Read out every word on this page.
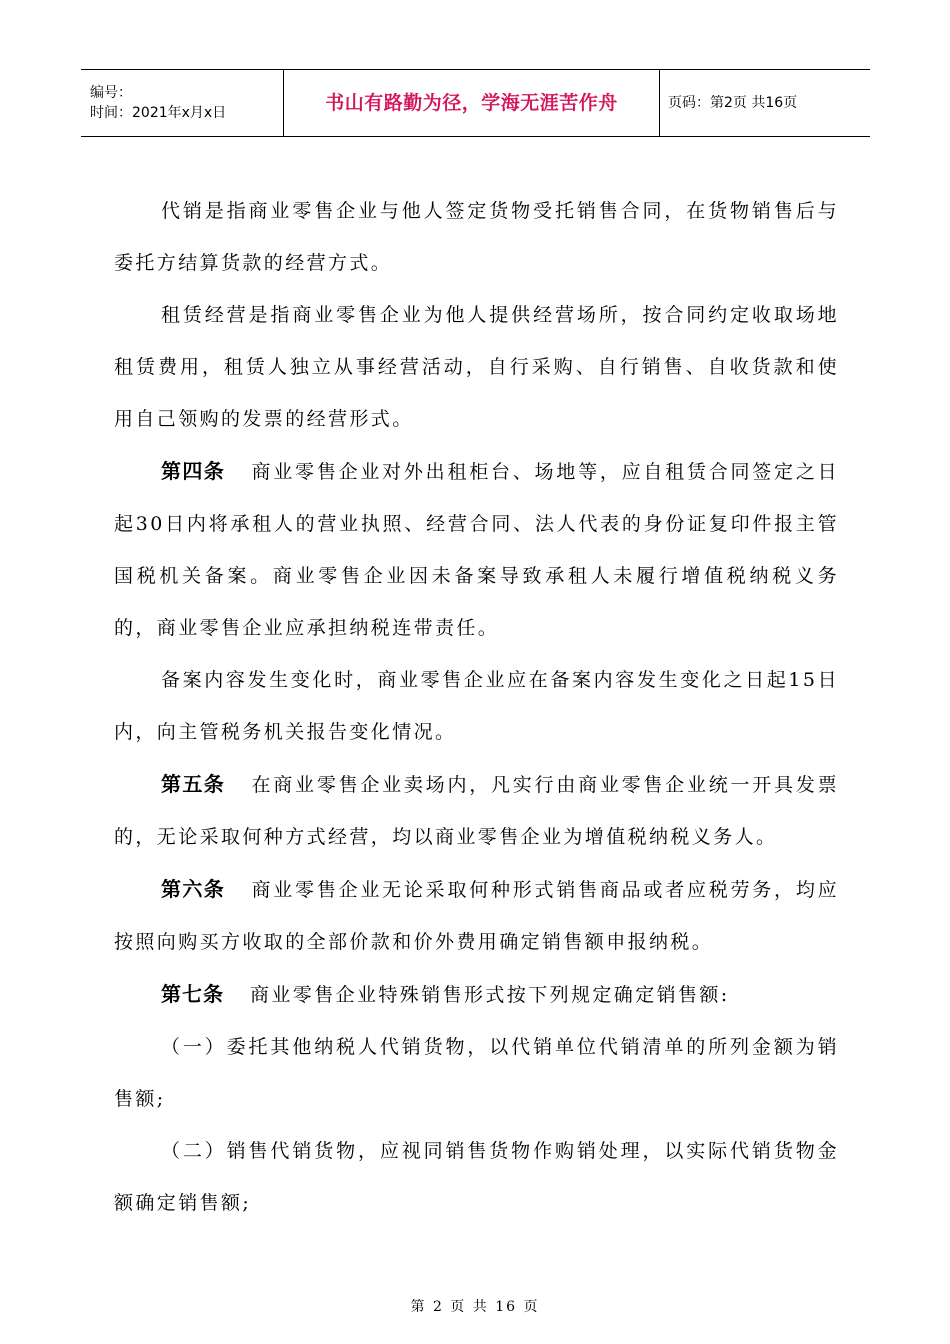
编号：
时间：2021年x月x日	书山有路勤为径，学海无涯苦作舟	页码：第2页 共16页

代销是指商业零售企业与他人签定货物受托销售合同，在货物销售后与委托方结算货款的经营方式。

租赁经营是指商业零售企业为他人提供经营场所，按合同约定收取场地租赁费用，租赁人独立从事经营活动，自行采购、自行销售、自收货款和使用自己领购的发票的经营形式。

第四条 商业零售企业对外出租柜台、场地等，应自租赁合同签定之日起30日内将承租人的营业执照、经营合同、法人代表的身份证复印件报主管国税机关备案。商业零售企业因未备案导致承租人未履行增值税纳税义务的，商业零售企业应承担纳税连带责任。

备案内容发生变化时，商业零售企业应在备案内容发生变化之日起15日内，向主管税务机关报告变化情况。

第五条 在商业零售企业卖场内，凡实行由商业零售企业统一开具发票的，无论采取何种方式经营，均以商业零售企业为增值税纳税义务人。

第六条 商业零售企业无论采取何种形式销售商品或者应税劳务，均应按照向购买方收取的全部价款和价外费用确定销售额申报纳税。

第七条 商业零售企业特殊销售形式按下列规定确定销售额:

（一）委托其他纳税人代销货物，以代销单位代销清单的所列金额为销售额;

（二）销售代销货物，应视同销售货物作购销处理，以实际代销货物金额确定销售额;

第 2 页 共 16 页
